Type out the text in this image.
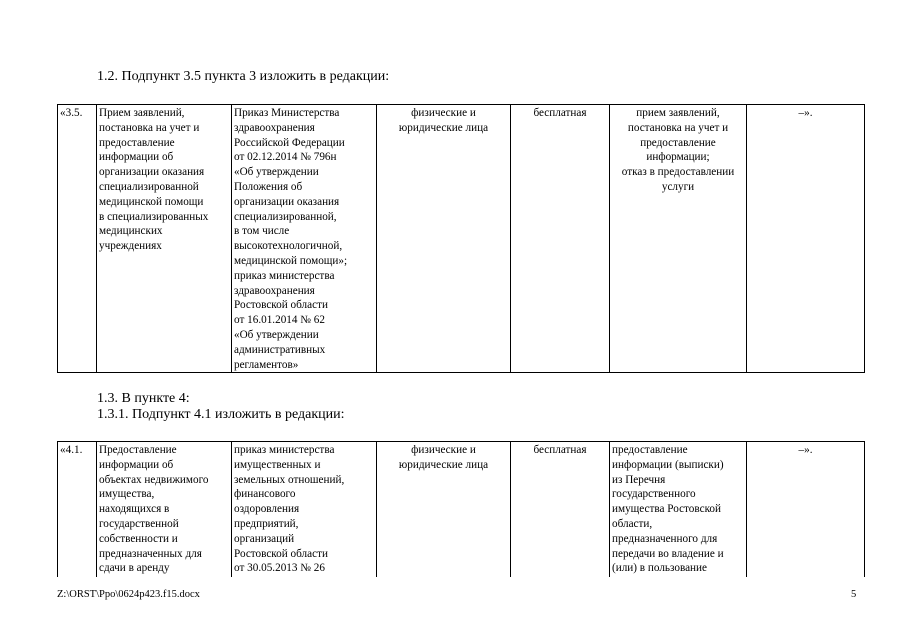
1.2. Подпункт 3.5 пункта 3 изложить в редакции:
«3.5.	Прием заявлений,
постановка на учет и
предоставление
информации об
организации оказания
специализированной
медицинской помощи
в специализированных
медицинских
учреждениях	Приказ Министерства
здравоохранения
Российской Федерации
от 02.12.2014 № 796н
«Об утверждении
Положения об
организации оказания
специализированной,
в том числе
высокотехнологичной,
медицинской помощи»;
приказ министерства
здравоохранения
Ростовской области
от 16.01.2014 № 62
«Об утверждении
административных
регламентов»	физические и
юридические лица	бесплатная	прием заявлений,
постановка на учет и
предоставление
информации;
отказ в предоставлении
услуги	–».
1.3. В пункте 4:
1.3.1. Подпункт 4.1 изложить в редакции:
«4.1.	Предоставление
информации об
объектах недвижимого
имущества,
находящихся в
государственной
собственности и
предназначенных для
сдачи в аренду	приказ министерства
имущественных и
земельных отношений,
финансового
оздоровления
предприятий,
организаций
Ростовской области
от 30.05.2013 № 26	физические и
юридические лица	бесплатная	предоставление
информации (выписки)
из Перечня
государственного
имущества Ростовской
области,
предназначенного для
передачи во владение и
(или) в пользование	–».
Z:\ORST\Ppo\0624p423.f15.docx	5
